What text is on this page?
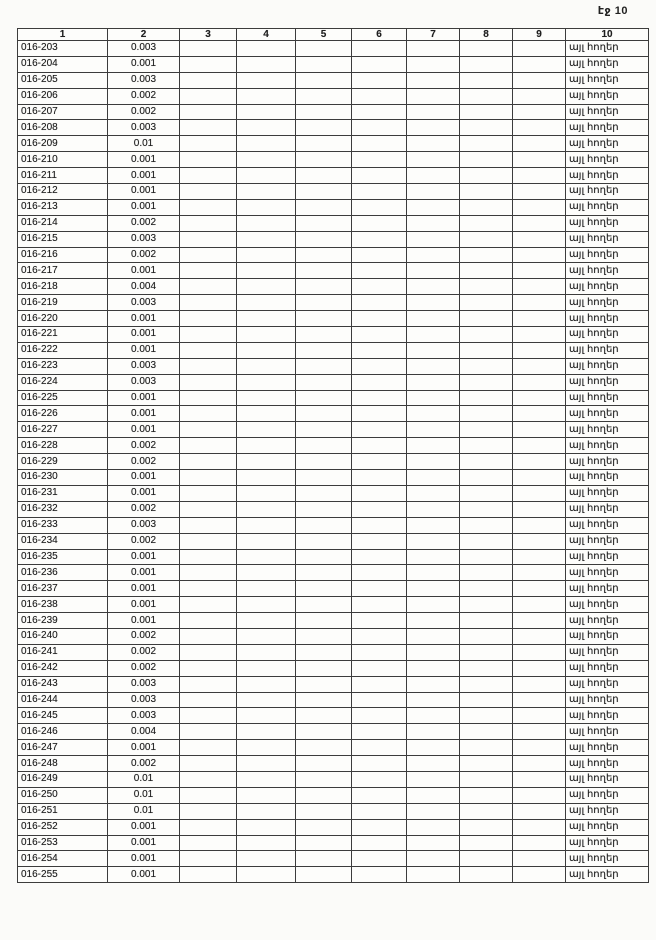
էջ 10
1	2	3	4	5	6	7	8	9	10
016-203	0.003								այլ հողեր
016-204	0.001								այլ հողեր
016-205	0.003								այլ հողեր
016-206	0.002								այլ հողեր
016-207	0.002								այլ հողեր
016-208	0.003								այլ հողեր
016-209	0.01								այլ հողեր
016-210	0.001								այլ հողեր
016-211	0.001								այլ հողեր
016-212	0.001								այլ հողեր
016-213	0.001								այլ հողեր
016-214	0.002								այլ հողեր
016-215	0.003								այլ հողեր
016-216	0.002								այլ հողեր
016-217	0.001								այլ հողեր
016-218	0.004								այլ հողեր
016-219	0.003								այլ հողեր
016-220	0.001								այլ հողեր
016-221	0.001								այլ հողեր
016-222	0.001								այլ հողեր
016-223	0.003								այլ հողեր
016-224	0.003								այլ հողեր
016-225	0.001								այլ հողեր
016-226	0.001								այլ հողեր
016-227	0.001								այլ հողեր
016-228	0.002								այլ հողեր
016-229	0.002								այլ հողեր
016-230	0.001								այլ հողեր
016-231	0.001								այլ հողեր
016-232	0.002								այլ հողեր
016-233	0.003								այլ հողեր
016-234	0.002								այլ հողեր
016-235	0.001								այլ հողեր
016-236	0.001								այլ հողեր
016-237	0.001								այլ հողեր
016-238	0.001								այլ հողեր
016-239	0.001								այլ հողեր
016-240	0.002								այլ հողեր
016-241	0.002								այլ հողեր
016-242	0.002								այլ հողեր
016-243	0.003								այլ հողեր
016-244	0.003								այլ հողեր
016-245	0.003								այլ հողեր
016-246	0.004								այլ հողեր
016-247	0.001								այլ հողեր
016-248	0.002								այլ հողեր
016-249	0.01								այլ հողեր
016-250	0.01								այլ հողեր
016-251	0.01								այլ հողեր
016-252	0.001								այլ հողեր
016-253	0.001								այլ հողեր
016-254	0.001								այլ հողեր
016-255	0.001								այլ հողեր
